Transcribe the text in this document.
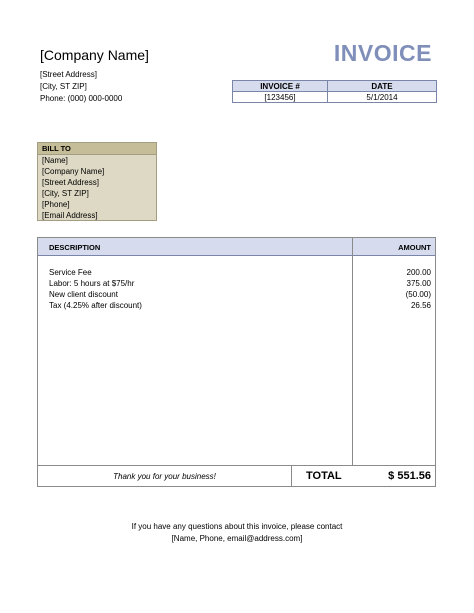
[Company Name]
[Street Address]
[City, ST ZIP]
Phone: (000) 000-0000
INVOICE
INVOICE #	DATE
[123456]	5/1/2014
BILL TO
[Name]
[Company Name]
[Street Address]
[City, ST ZIP]
[Phone]
[Email Address]
DESCRIPTION	AMOUNT
Service Fee	200.00
Labor: 5 hours at $75/hr	375.00
New client discount	(50.00)
Tax (4.25% after discount)	26.56
Thank you for your business!	TOTAL	$ 551.56
If you have any questions about this invoice, please contact
[Name, Phone, email@address.com]
